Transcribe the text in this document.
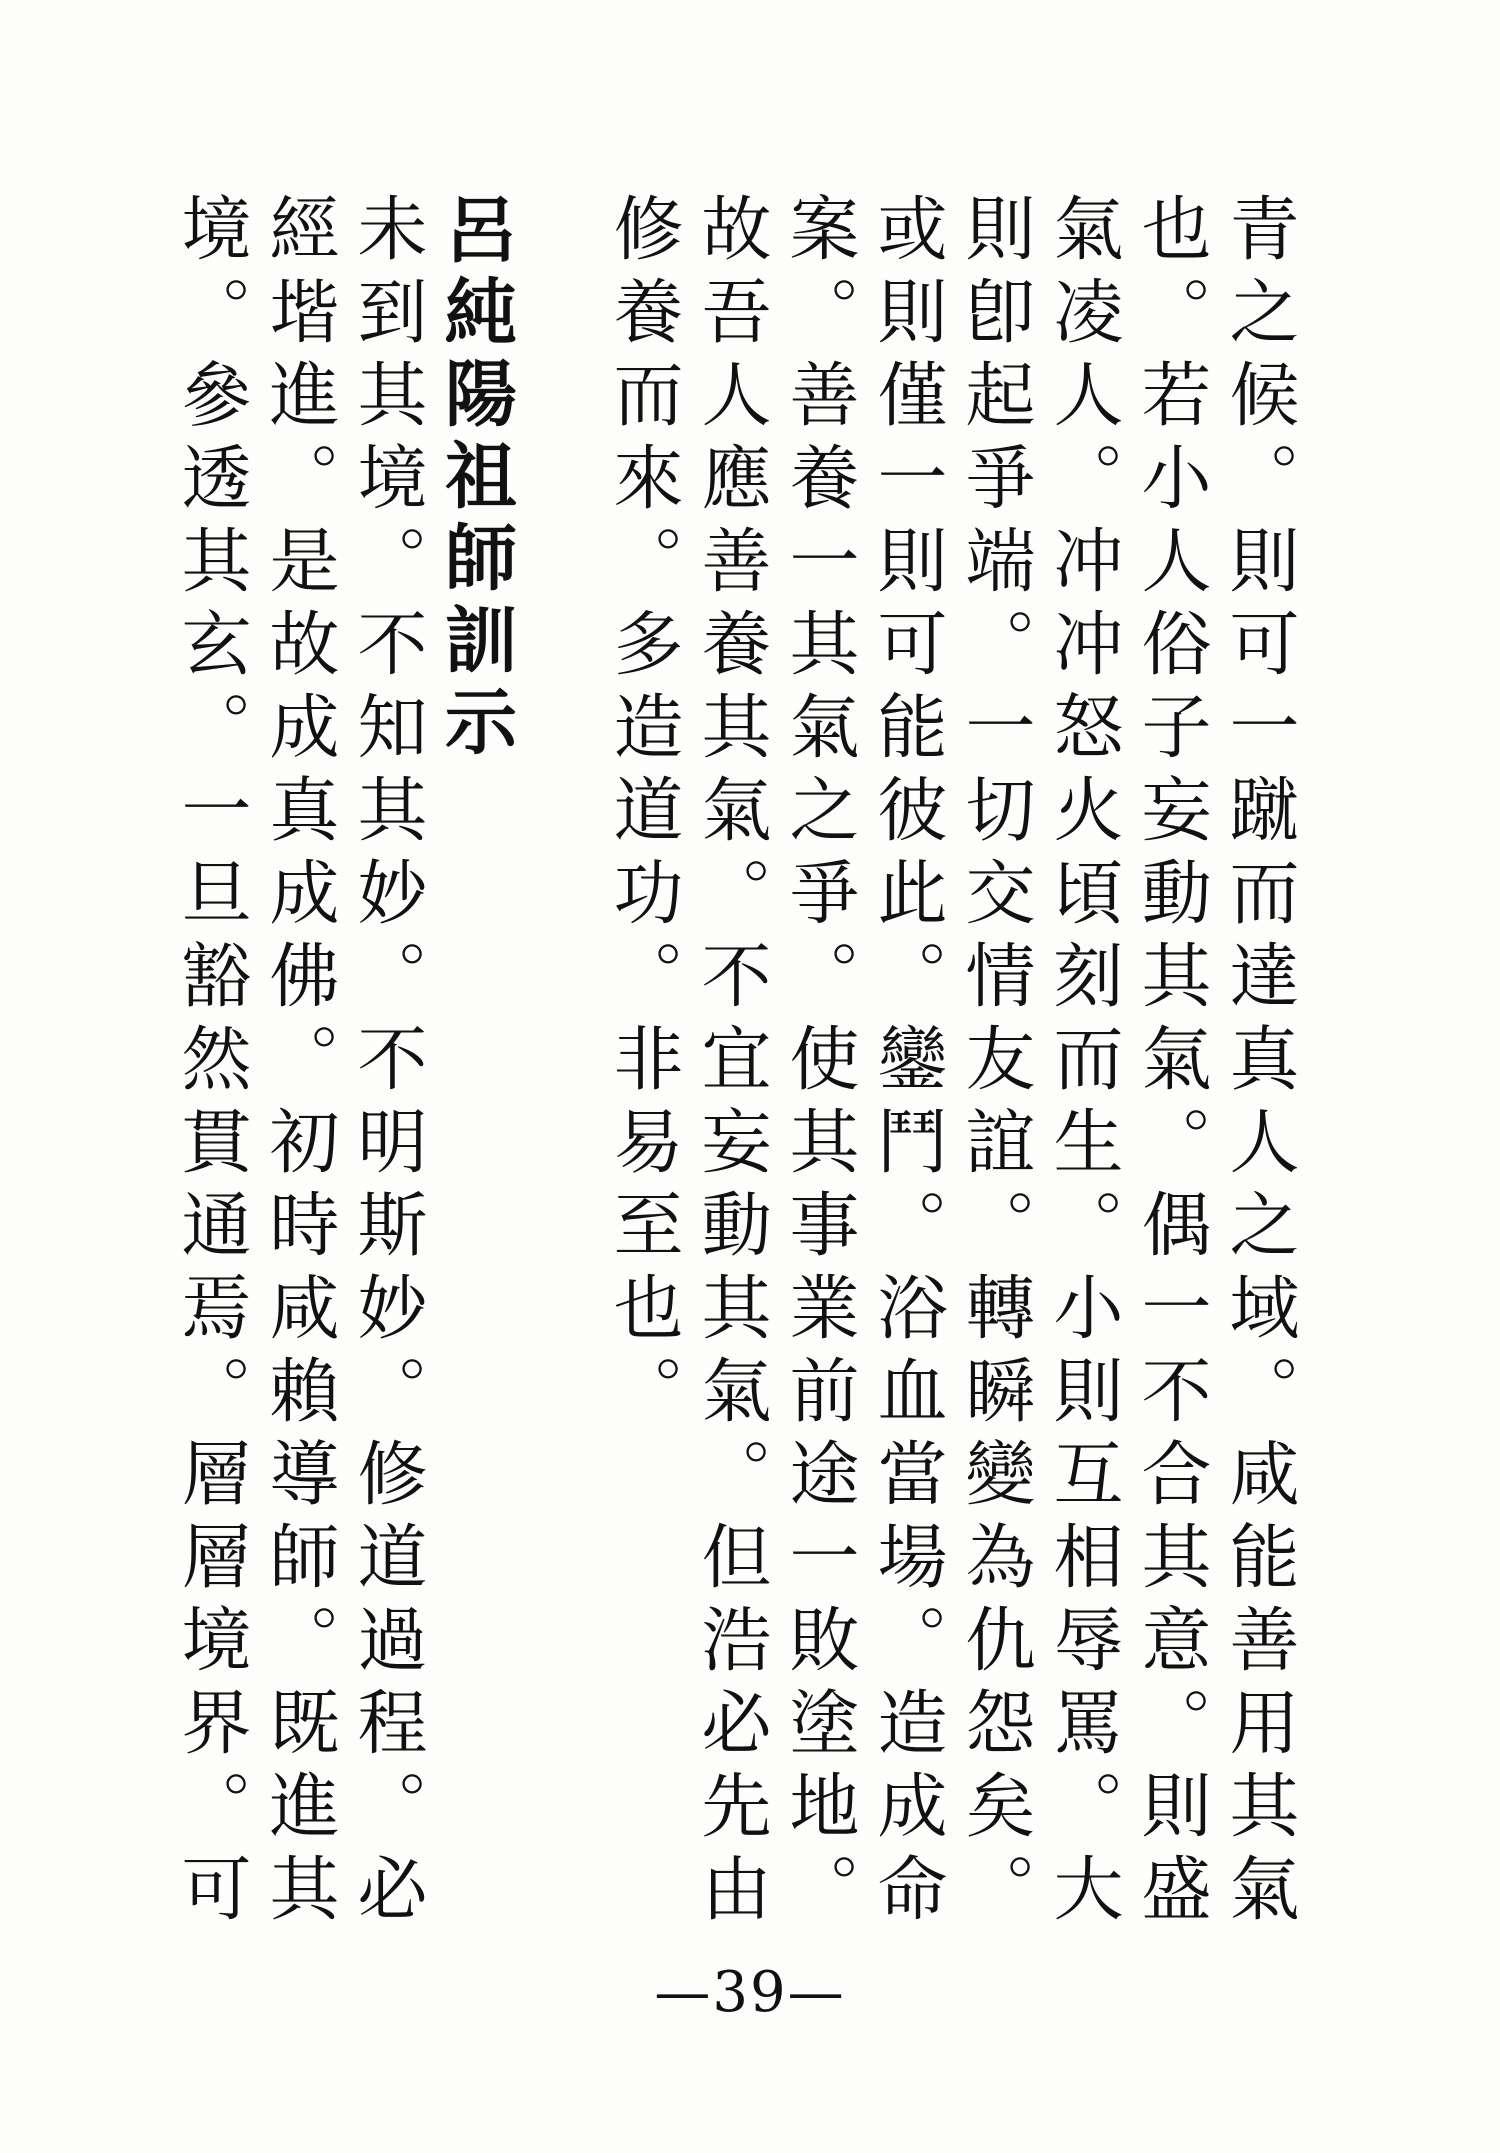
青之候。則可一蹴而達真人之域。咸能善用其氣也。若小人俗子妄動其氣。偶一不合其意。則盛氣凌人。冲冲怒火頃刻而生。小則互相辱罵。大則卽起爭端。一切交情友誼。轉瞬變為仇怨矣。或則僅一則可能彼此。鑾鬥。浴血當場。造成命案。善養一其氣之爭。使其事業前途一敗塗地。故吾人應善養其氣。不宜妄動其氣。但浩必先由修養而來。多造道功。非易至也。

呂純陽祖師訓示

未到其境。不知其妙。不明斯妙。修道過程。必經堦進。是故成真成佛。初時咸賴導師。既進其境。參透其玄。一旦豁然貫通焉。層層境界。可

—39—
